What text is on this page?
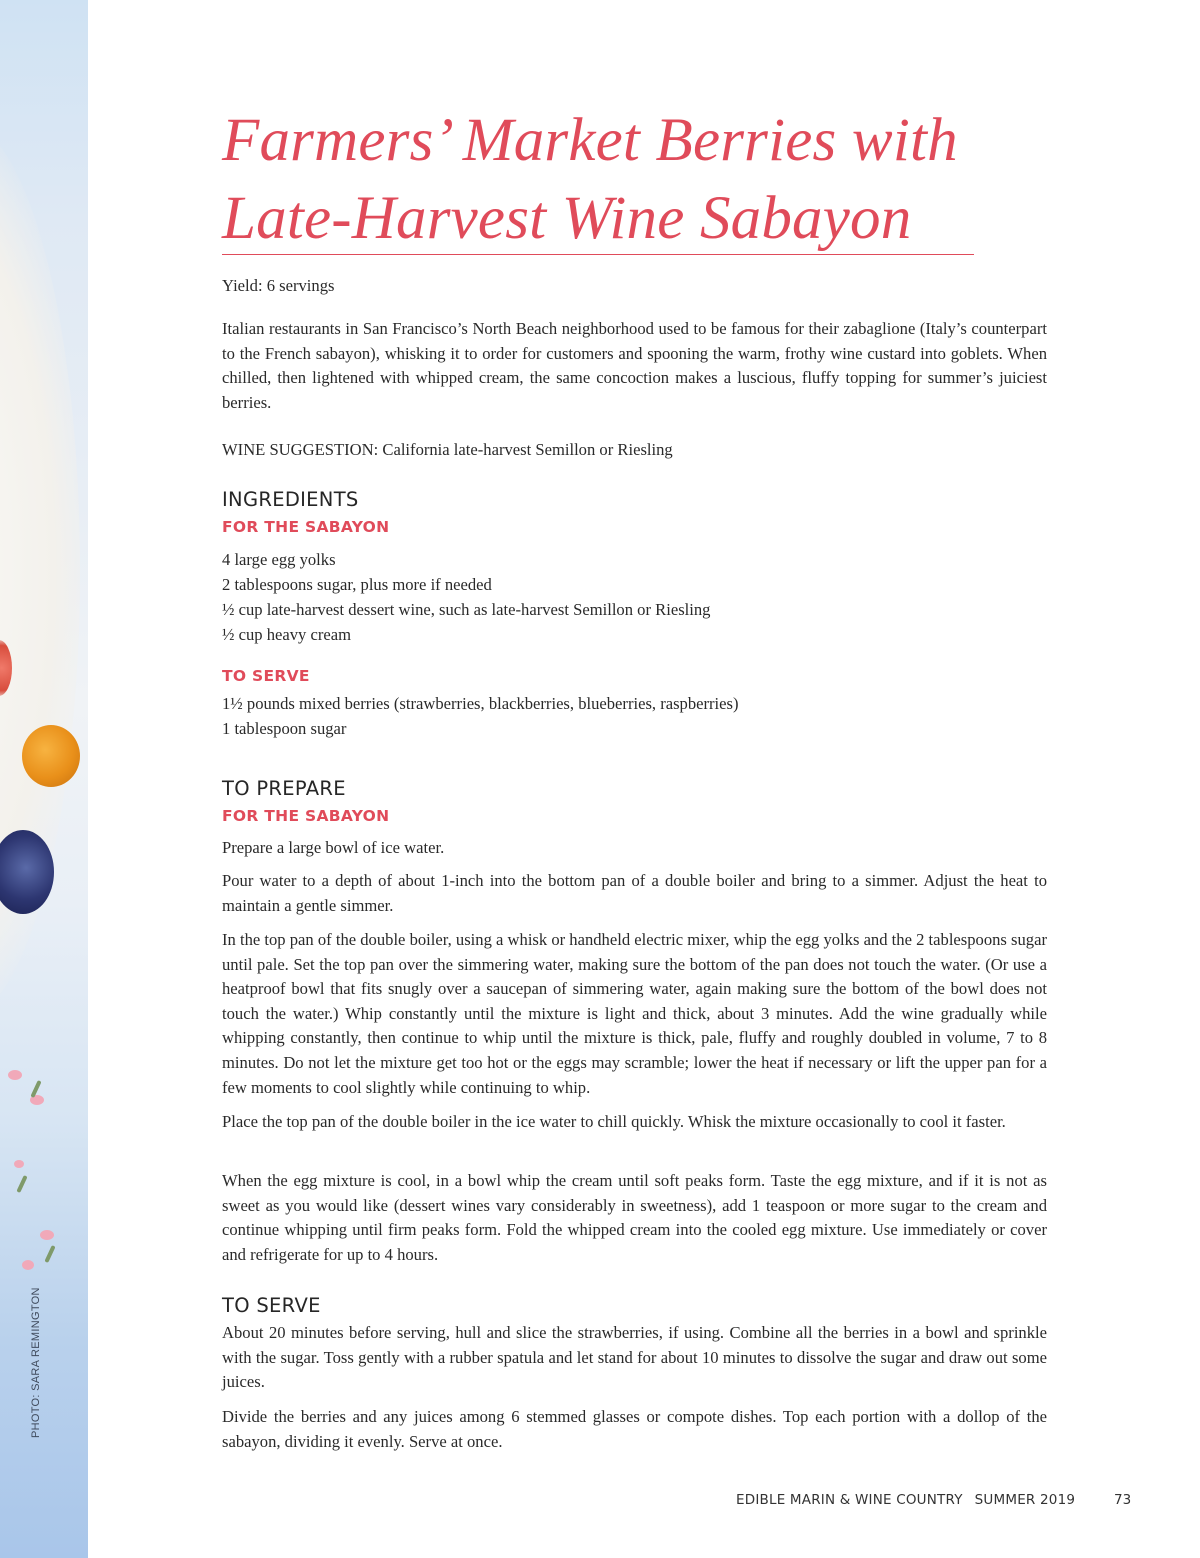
PHOTO: SARA REMINGTON
Farmers’ Market Berries with Late-Harvest Wine Sabayon

Yield: 6 servings

Italian restaurants in San Francisco’s North Beach neighborhood used to be famous for their zabaglione (Italy’s counterpart to the French sabayon), whisking it to order for customers and spooning the warm, frothy wine custard into goblets. When chilled, then lightened with whipped cream, the same concoction makes a luscious, fluffy topping for summer’s juiciest berries.

WINE SUGGESTION: California late-harvest Semillon or Riesling

INGREDIENTS
FOR THE SABAYON
4 large egg yolks
2 tablespoons sugar, plus more if needed
½ cup late-harvest dessert wine, such as late-harvest Semillon or Riesling
½ cup heavy cream
TO SERVE
1½ pounds mixed berries (strawberries, blackberries, blueberries, raspberries)
1 tablespoon sugar
TO PREPARE
FOR THE SABAYON

Prepare a large bowl of ice water.

Pour water to a depth of about 1-inch into the bottom pan of a double boiler and bring to a simmer. Adjust the heat to maintain a gentle simmer.

In the top pan of the double boiler, using a whisk or handheld electric mixer, whip the egg yolks and the 2 tablespoons sugar until pale. Set the top pan over the simmering water, making sure the bottom of the pan does not touch the water. (Or use a heatproof bowl that fits snugly over a saucepan of simmering water, again making sure the bottom of the bowl does not touch the water.) Whip constantly until the mixture is light and thick, about 3 minutes. Add the wine gradually while whipping constantly, then continue to whip until the mixture is thick, pale, fluffy and roughly doubled in volume, 7 to 8 minutes. Do not let the mixture get too hot or the eggs may scramble; lower the heat if necessary or lift the upper pan for a few moments to cool slightly while continuing to whip.

Place the top pan of the double boiler in the ice water to chill quickly. Whisk the mixture occasionally to cool it faster.

When the egg mixture is cool, in a bowl whip the cream until soft peaks form. Taste the egg mixture, and if it is not as sweet as you would like (dessert wines vary considerably in sweetness), add 1 teaspoon or more sugar to the cream and continue whipping until firm peaks form. Fold the whipped cream into the cooled egg mixture. Use immediately or cover and refrigerate for up to 4 hours.

TO SERVE

About 20 minutes before serving, hull and slice the strawberries, if using. Combine all the berries in a bowl and sprinkle with the sugar. Toss gently with a rubber spatula and let stand for about 10 minutes to dissolve the sugar and draw out some juices.

Divide the berries and any juices among 6 stemmed glasses or compote dishes. Top each portion with a dollop of the sabayon, dividing it evenly. Serve at once.

EDIBLE MARIN & WINE COUNTRY SUMMER 2019	73
